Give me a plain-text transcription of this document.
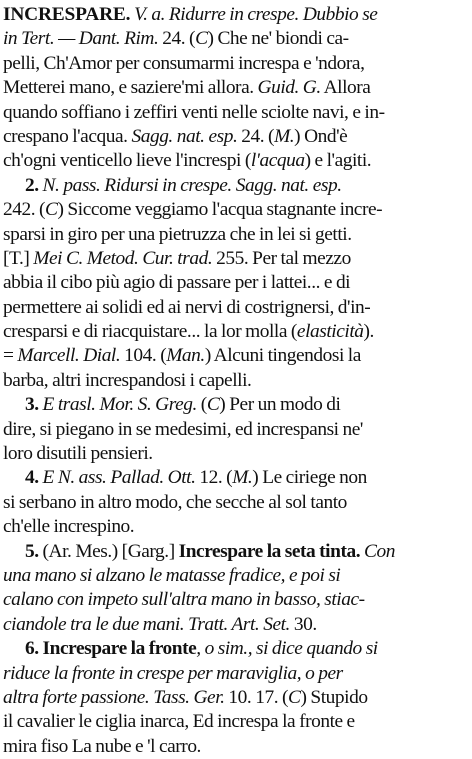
INCRESPARE. V. a. Ridurre in crespe. Dubbio se
in Tert. — Dant. Rim. 24. (C) Che ne' biondi ca-
pelli, Ch'Amor per consumarmi increspa e 'ndora,
Metterei mano, e saziere'mi allora. Guid. G. Allora
quando soffiano i zeffiri venti nelle sciolte navi, e in-
crespano l'acqua. Sagg. nat. esp. 24. (M.) Ond'è
ch'ogni venticello lieve l'increspi (l'acqua) e l'agiti.
2. N. pass. Ridursi in crespe. Sagg. nat. esp.
242. (C) Siccome veggiamo l'acqua stagnante incre-
sparsi in giro per una pietruzza che in lei si getti.
[T.] Mei C. Metod. Cur. trad. 255. Per tal mezzo
abbia il cibo più agio di passare per i lattei... e di
permettere ai solidi ed ai nervi di costrignersi, d'in-
cresparsi e di riacquistare... la lor molla (elasticità).
= Marcell. Dial. 104. (Man.) Alcuni tingendosi la
barba, altri increspandosi i capelli.
3. E trasl. Mor. S. Greg. (C) Per un modo di
dire, si piegano in se medesimi, ed increspansi ne'
loro disutili pensieri.
4. E N. ass. Pallad. Ott. 12. (M.) Le ciriege non
si serbano in altro modo, che secche al sol tanto
ch'elle increspino.
5. (Ar. Mes.) [Garg.] Increspare la seta tinta. Con
una mano si alzano le matasse fradice, e poi si
calano con impeto sull'altra mano in basso, stiac-
ciandole tra le due mani. Tratt. Art. Set. 30.
6. Increspare la fronte, o sim., si dice quando si
riduce la fronte in crespe per maraviglia, o per
altra forte passione. Tass. Ger. 10. 17. (C) Stupido
il cavalier le ciglia inarca, Ed increspa la fronte e
mira fiso La nube e 'l carro.
